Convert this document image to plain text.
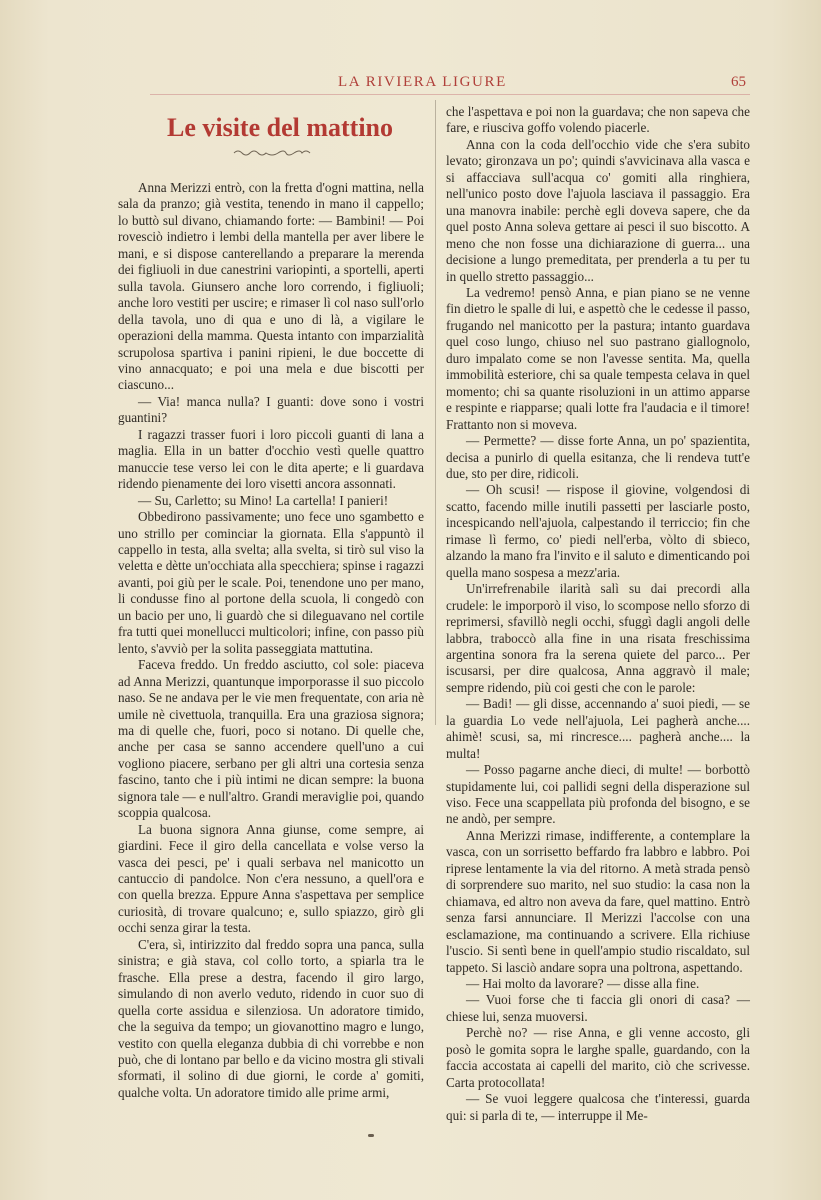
LA RIVIERA LIGURE	65
Le visite del mattino

Anna Merizzi entrò, con la fretta d'ogni mattina, nella sala da pranzo; già vestita, tenendo in mano il cappello; lo buttò sul divano, chiamando forte: — Bambini! — Poi rovesciò indietro i lembi della mantella per aver libere le mani, e si dispose canterellando a preparare la merenda dei figliuoli in due canestrini variopinti, a sportelli, aperti sulla tavola. Giunsero anche loro correndo, i figliuoli; anche loro vestiti per uscire; e rimaser lì col naso sull'orlo della tavola, uno di qua e uno di là, a vigilare le operazioni della mamma. Questa intanto con imparzialità scrupolosa spartiva i panini ripieni, le due boccette di vino annacquato; e poi una mela e due biscotti per ciascuno...

— Via! manca nulla? I guanti: dove sono i vostri guantini?

I ragazzi trasser fuori i loro piccoli guanti di lana a maglia. Ella in un batter d'occhio vestì quelle quattro manuccie tese verso lei con le dita aperte; e li guardava ridendo pienamente dei loro visetti ancora assonnati.

— Su, Carletto; su Mino! La cartella! I panieri!

Obbedirono passivamente; uno fece uno sgambetto e uno strillo per cominciar la giornata. Ella s'appuntò il cappello in testa, alla svelta; alla svelta, si tirò sul viso la veletta e dètte un'occhiata alla specchiera; spinse i ragazzi avanti, poi giù per le scale. Poi, tenendone uno per mano, li condusse fino al portone della scuola, li congedò con un bacio per uno, li guardò che si dileguavano nel cortile fra tutti quei monellucci multicolori; infine, con passo più lento, s'avviò per la solita passeggiata mattutina.

Faceva freddo. Un freddo asciutto, col sole: piaceva ad Anna Merizzi, quantunque imporporasse il suo piccolo naso. Se ne andava per le vie men frequentate, con aria nè umile nè civettuola, tranquilla. Era una graziosa signora; ma di quelle che, fuori, poco si notano. Di quelle che, anche per casa se sanno accendere quell'uno a cui vogliono piacere, serbano per gli altri una cortesia senza fascino, tanto che i più intimi ne dican sempre: la buona signora tale — e null'altro. Grandi meraviglie poi, quando scoppia qualcosa.

La buona signora Anna giunse, come sempre, ai giardini. Fece il giro della cancellata e volse verso la vasca dei pesci, pe' i quali serbava nel manicotto un cantuccio di pandolce. Non c'era nessuno, a quell'ora e con quella brezza. Eppure Anna s'aspettava per semplice curiosità, di trovare qualcuno; e, sullo spiazzo, girò gli occhi senza girar la testa.

C'era, sì, intirizzito dal freddo sopra una panca, sulla sinistra; e già stava, col collo torto, a spiarla tra le frasche. Ella prese a destra, facendo il giro largo, simulando di non averlo veduto, ridendo in cuor suo di quella corte assidua e silenziosa. Un adoratore timido, che la seguiva da tempo; un giovanottino magro e lungo, vestito con quella eleganza dubbia di chi vorrebbe e non può, che di lontano par bello e da vicino mostra gli stivali sformati, il solino di due giorni, le corde a' gomiti, qualche volta. Un adoratore timido alle prime armi,

che l'aspettava e poi non la guardava; che non sapeva che fare, e riusciva goffo volendo piacerle.

Anna con la coda dell'occhio vide che s'era subito levato; gironzava un po'; quindi s'avvicinava alla vasca e si affacciava sull'acqua co' gomiti alla ringhiera, nell'unico posto dove l'ajuola lasciava il passaggio. Era una manovra inabile: perchè egli doveva sapere, che da quel posto Anna soleva gettare ai pesci il suo biscotto. A meno che non fosse una dichiarazione di guerra... una decisione a lungo premeditata, per prenderla a tu per tu in quello stretto passaggio...

La vedremo! pensò Anna, e pian piano se ne venne fin dietro le spalle di lui, e aspettò che le cedesse il passo, frugando nel manicotto per la pastura; intanto guardava quel coso lungo, chiuso nel suo pastrano giallognolo, duro impalato come se non l'avesse sentita. Ma, quella immobilità esteriore, chi sa quale tempesta celava in quel momento; chi sa quante risoluzioni in un attimo apparse e respinte e riapparse; quali lotte fra l'audacia e il timore! Frattanto non si moveva.

— Permette? — disse forte Anna, un po' spazientita, decisa a punirlo di quella esitanza, che li rendeva tutt'e due, sto per dire, ridicoli.

— Oh scusi! — rispose il giovine, volgendosi di scatto, facendo mille inutili passetti per lasciarle posto, incespicando nell'ajuola, calpestando il terriccio; fin che rimase lì fermo, co' piedi nell'erba, vòlto di sbieco, alzando la mano fra l'invito e il saluto e dimenticando poi quella mano sospesa a mezz'aria.

Un'irrefrenabile ilarità salì su dai precordi alla crudele: le imporporò il viso, lo scompose nello sforzo di reprimersi, sfavillò negli occhi, sfuggì dagli angoli delle labbra, traboccò alla fine in una risata freschissima argentina sonora fra la serena quiete del parco... Per iscusarsi, per dire qualcosa, Anna aggravò il male; sempre ridendo, più coi gesti che con le parole:

— Badi! — gli disse, accennando a' suoi piedi, — se la guardia Lo vede nell'ajuola, Lei pagherà anche.... ahimè! scusi, sa, mi rincresce.... pagherà anche.... la multa!

— Posso pagarne anche dieci, di multe! — borbottò stupidamente lui, coi pallidi segni della disperazione sul viso. Fece una scappellata più profonda del bisogno, e se ne andò, per sempre.

Anna Merizzi rimase, indifferente, a contemplare la vasca, con un sorrisetto beffardo fra labbro e labbro. Poi riprese lentamente la via del ritorno. A metà strada pensò di sorprendere suo marito, nel suo studio: la casa non la chiamava, ed altro non aveva da fare, quel mattino. Entrò senza farsi annunciare. Il Merizzi l'accolse con una esclamazione, ma continuando a scrivere. Ella richiuse l'uscio. Si sentì bene in quell'ampio studio riscaldato, sul tappeto. Si lasciò andare sopra una poltrona, aspettando.

— Hai molto da lavorare? — disse alla fine.

— Vuoi forse che ti faccia gli onori di casa? — chiese lui, senza muoversi.

Perchè no? — rise Anna, e gli venne accosto, gli posò le gomita sopra le larghe spalle, guardando, con la faccia accostata ai capelli del marito, ciò che scrivesse. Carta protocollata!

— Se vuoi leggere qualcosa che t'interessi, guarda qui: si parla di te, — interruppe il Me-
